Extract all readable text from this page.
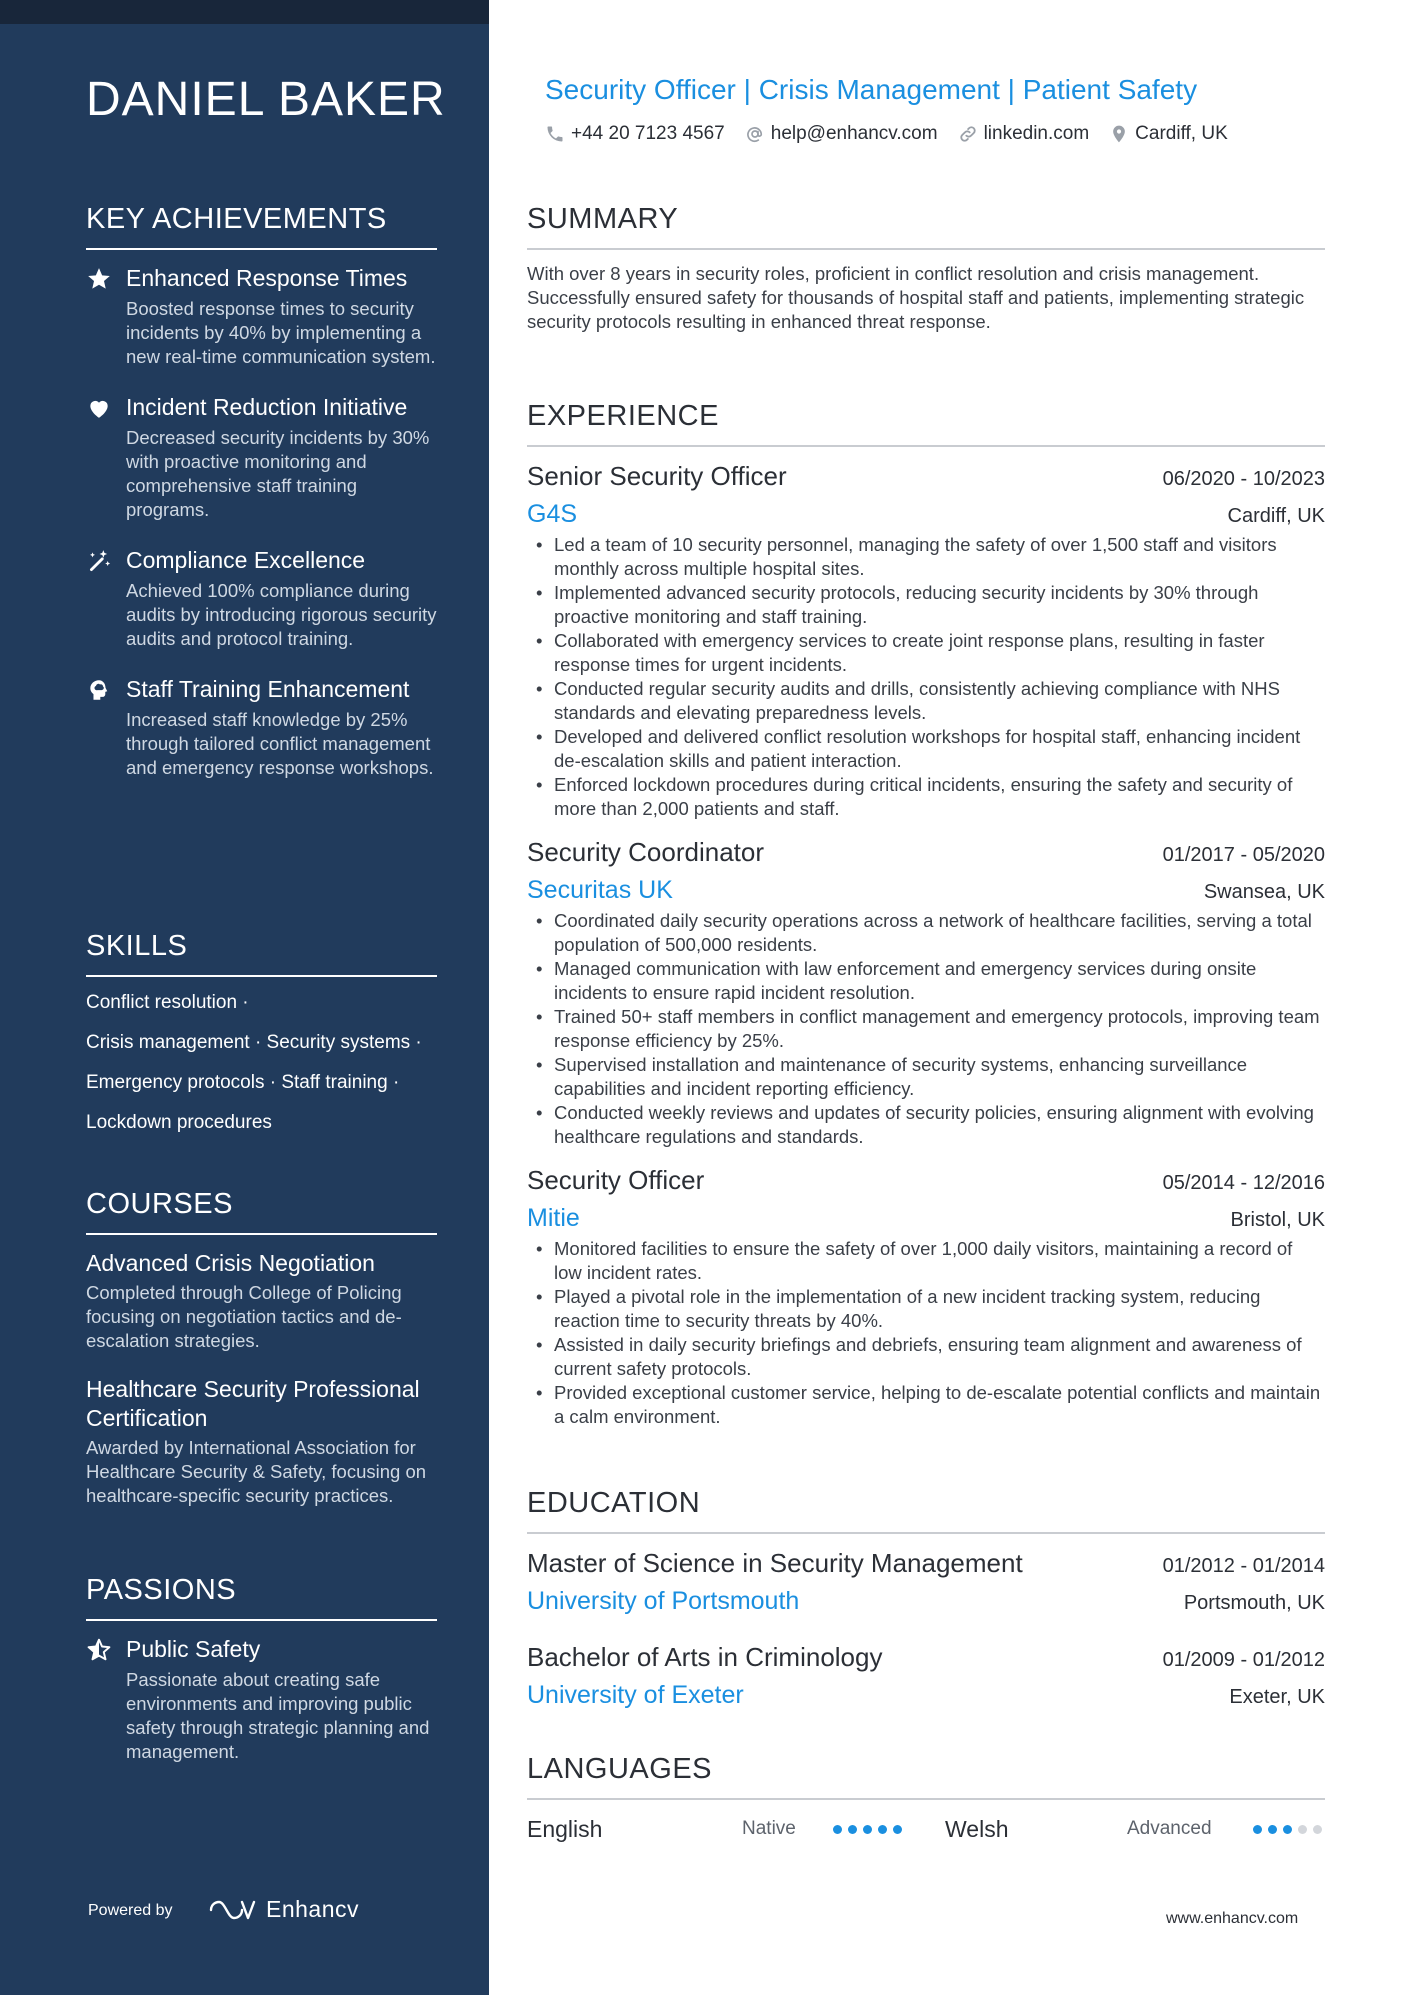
DANIEL BAKER
KEY ACHIEVEMENTS
Enhanced Response Times
Boosted response times to security incidents by 40% by implementing a new real-time communication system.
Incident Reduction Initiative
Decreased security incidents by 30% with proactive monitoring and comprehensive staff training programs.
Compliance Excellence
Achieved 100% compliance during audits by introducing rigorous security audits and protocol training.
Staff Training Enhancement
Increased staff knowledge by 25% through tailored conflict management and emergency response workshops.
SKILLS
Conflict resolution ·
Crisis management · Security systems ·
Emergency protocols · Staff training ·
Lockdown procedures
COURSES
Advanced Crisis Negotiation
Completed through College of Policing focusing on negotiation tactics and de-escalation strategies.
Healthcare Security Professional Certification
Awarded by International Association for Healthcare Security & Safety, focusing on healthcare-specific security practices.
PASSIONS
Public Safety
Passionate about creating safe environments and improving public safety through strategic planning and management.
Powered by	Enhancv
Security Officer | Crisis Management | Patient Safety
+44 20 7123 4567 help@enhancv.com linkedin.com Cardiff, UK
SUMMARY
With over 8 years in security roles, proficient in conflict resolution and crisis management. Successfully ensured safety for thousands of hospital staff and patients, implementing strategic security protocols resulting in enhanced threat response.
EXPERIENCE
Senior Security Officer	06/2020 - 10/2023
G4S	Cardiff, UK
• Led a team of 10 security personnel, managing the safety of over 1,500 staff and visitors monthly across multiple hospital sites.
• Implemented advanced security protocols, reducing security incidents by 30% through proactive monitoring and staff training.
• Collaborated with emergency services to create joint response plans, resulting in faster response times for urgent incidents.
• Conducted regular security audits and drills, consistently achieving compliance with NHS standards and elevating preparedness levels.
• Developed and delivered conflict resolution workshops for hospital staff, enhancing incident de-escalation skills and patient interaction.
• Enforced lockdown procedures during critical incidents, ensuring the safety and security of more than 2,000 patients and staff.
Security Coordinator	01/2017 - 05/2020
Securitas UK	Swansea, UK
• Coordinated daily security operations across a network of healthcare facilities, serving a total population of 500,000 residents.
• Managed communication with law enforcement and emergency services during onsite incidents to ensure rapid incident resolution.
• Trained 50+ staff members in conflict management and emergency protocols, improving team response efficiency by 25%.
• Supervised installation and maintenance of security systems, enhancing surveillance capabilities and incident reporting efficiency.
• Conducted weekly reviews and updates of security policies, ensuring alignment with evolving healthcare regulations and standards.
Security Officer	05/2014 - 12/2016
Mitie	Bristol, UK
• Monitored facilities to ensure the safety of over 1,000 daily visitors, maintaining a record of low incident rates.
• Played a pivotal role in the implementation of a new incident tracking system, reducing reaction time to security threats by 40%.
• Assisted in daily security briefings and debriefs, ensuring team alignment and awareness of current safety protocols.
• Provided exceptional customer service, helping to de-escalate potential conflicts and maintain a calm environment.
EDUCATION
Master of Science in Security Management	01/2012 - 01/2014
University of Portsmouth	Portsmouth, UK
Bachelor of Arts in Criminology	01/2009 - 01/2012
University of Exeter	Exeter, UK
LANGUAGES
English	Native	Welsh	Advanced
www.enhancv.com
